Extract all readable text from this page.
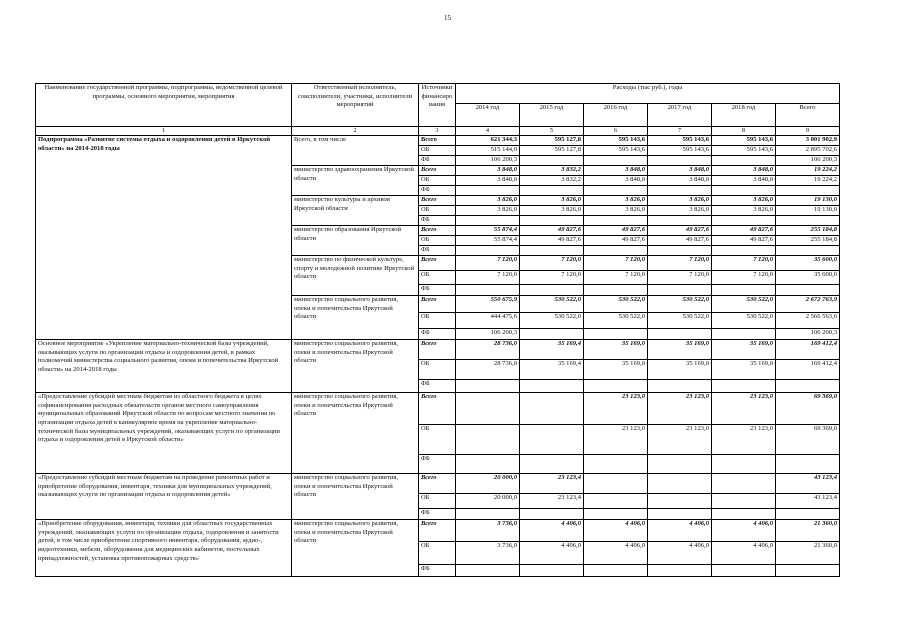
15
Наименование государственной программы, подпрограммы, ведомственной целевой программы, основного мероприятия, мероприятия	Ответственный исполнитель, соисполнители, участники, исполнители мероприятий	Источники финансиро вания	Расходы (тыс руб.), годы					
			2014 год	2015 год	2016 год	2017 год	2018 год	Всего
1	2	3	4	5	6	7	8	9
Подпрограмма «Развитие системы отдыха и оздоровления детей в Иркутской области» на 2014-2018 годы	Всего, в том числе	Всего	621 344,3	595 127,8	595 143,6	595 143,6	595 143,6	3 001 902,9
		ОБ	515 144,0	595 127,8	595 143,6	595 143,6	595 143,6	2 895 702,6
		ФБ	106 200,3					106 200,3
	министерство здравоохранения Иркутской области	Всего	3 848,0	3 832,2	3 848,0	3 848,0	3 848,0	19 224,2
		ОБ	3 848,0	3 832,2	3 848,0	3 848,0	3 848,0	19 224,2
		ФБ						
	министерство культуры и архивов Иркутской области	Всего	3 826,0	3 826,0	3 826,0	3 826,0	3 826,0	19 130,0
		ОБ	3 826,0	3 826,0	3 826,0	3 826,0	3 826,0	19 130,0
		ФБ						
	министерство образования Иркутской области	Всего	55 874,4	49 827,6	49 827,6	49 827,6	49 827,6	255 184,8
		ОБ	55 874,4	49 827,6	49 827,6	49 827,6	49 827,6	255 184,8
		ФБ						
	министерство по физической культуре, спорту и молодежной политике Иркутской области	Всего	7 120,0	7 120,0	7 120,0	7 120,0	7 120,0	35 600,0
		ОБ	7 120,0	7 120,0	7 120,0	7 120,0	7 120,0	35 600,0
		ФБ						
	министерство социального развития, опеки и попечительства Иркутской области	Всего	550 675,9	530 522,0	530 522,0	530 522,0	530 522,0	2 672 763,9
		ОБ	444 475,6	530 522,0	530 522,0	530 522,0	530 522,0	2 566 563,6
		ФБ	106 200,3					106 200,3
Основное мероприятие «Укрепление материально-технической базы учреждений, оказывающих услуги по организации отдыха и оздоровления детей, в рамках полномочий министерства социального развития, опеки и попечительства Иркутской области» на 2014-2018 годы	министерство социального развития, опеки и попечительства Иркутской области	Всего	28 736,0	35 169,4	35 169,0	35 169,0	35 169,0	169 412,4
		ОБ	28 736,0	35 169,4	35 169,0	35 169,0	35 169,0	169 412,4
		ФБ						
«Предоставление субсидий местным бюджетам из областного бюджета в целях софинансирования расходных обязательств органов местного самоуправления муниципальных образований Иркутской области по вопросам местного значения по организации отдыха детей в каникулярное время на укрепление материально-технической базы муниципальных учреждений, оказывающих услуги по организации отдыха и оздоровления детей в Иркутской области»	министерство социального развития, опеки и попечительства Иркутской области	Всего			23 123,0	23 123,0	23 123,0	69 369,0
		ОБ			23 123,0	23 123,0	23 123,0	69 369,0
		ФБ						
«Предоставление субсидий местным бюджетам на проведение ремонтных работ и приобретение оборудования, инвентаря, техники для муниципальных учреждений, оказывающих услуги по организации отдыха и оздоровления детей»	министерство социального развития, опеки и попечительства Иркутской области	Всего	20 000,0	23 123,4				43 123,4
		ОБ	20 000,0	23 123,4				43 123,4
		ФБ						
«Приобретение оборудования, инвентаря, техники для областных государственных учреждений, оказывающих услуги по организации отдыха, оздоровления и занятости детей, в том числе приобретение спортивного инвентаря, оборудования, аудио-, видеотехники, мебели, оборудования для медицинских кабинетов, постельных принадлежностей, установка противопожарных средств»	министерство социального развития, опеки и попечительства Иркутской области	Всего	3 736,0	4 406,0	4 406,0	4 406,0	4 406,0	21 360,0
		ОБ	3 736,0	4 406,0	4 406,0	4 406,0	4 406,0	21 360,0
		ФБ						
